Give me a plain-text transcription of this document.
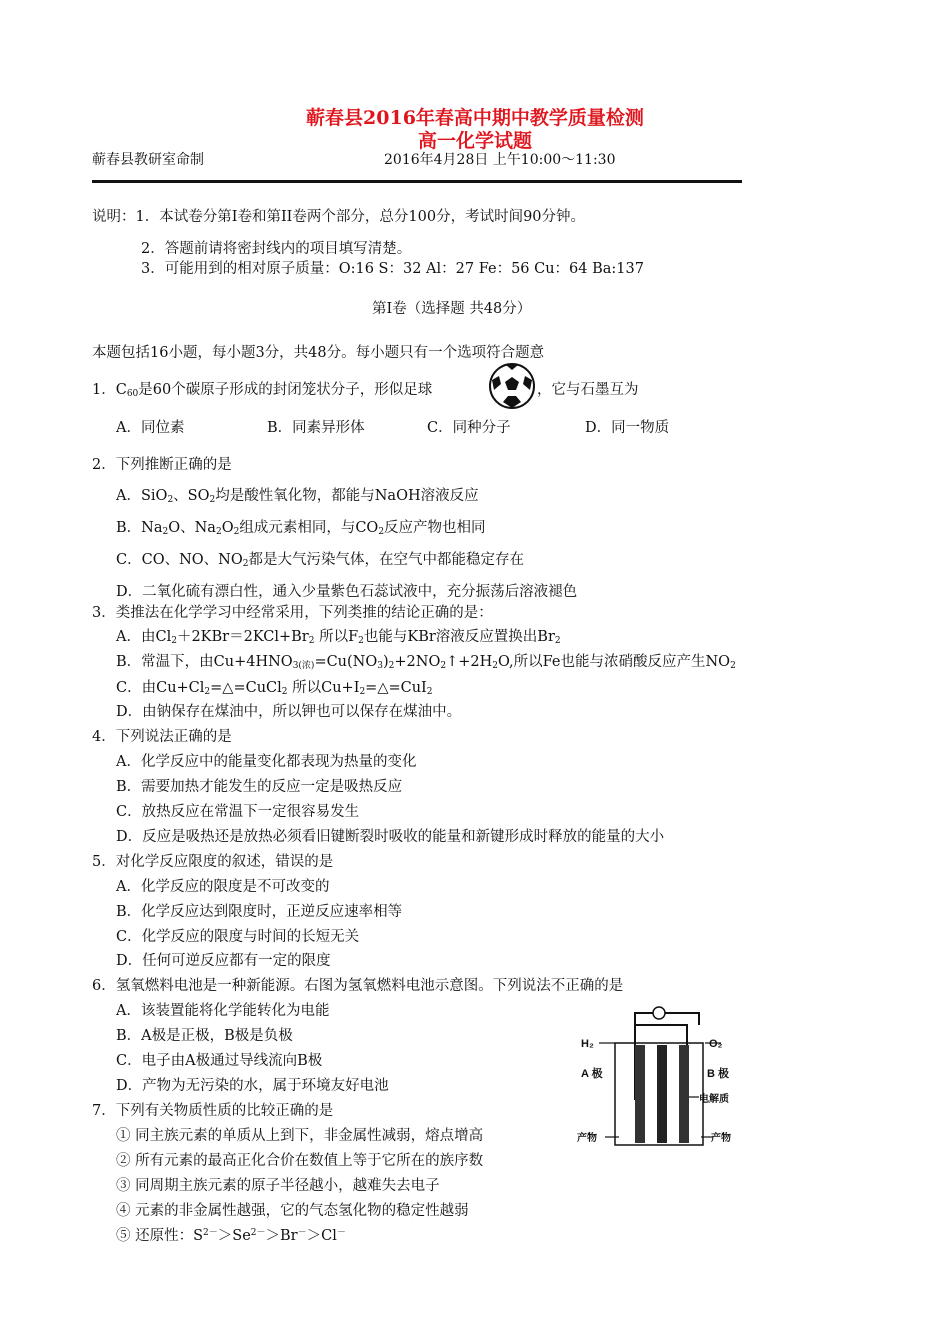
蕲春县2016年春高中期中教学质量检测
高一化学试题
蕲春县教研室命制	2016年4月28日 上午10:00～11:30
说明：1．本试卷分第Ⅰ卷和第II卷两个部分，总分100分，考试时间90分钟。
2．答题前请将密封线内的项目填写清楚。
3．可能用到的相对原子质量：O:16 S：32 Al：27 Fe：56 Cu：64 Ba:137
第Ⅰ卷（选择题 共48分）
本题包括16小题，每小题3分，共48分。每小题只有一个选项符合题意
1．$C_{60}$是60个碳原子形成的封闭笼状分子，形似足球	，它与石墨互为
A．同位素	B．同素异形体	C．同种分子	D．同一物质
2．下列推断正确的是
A．SiO$_2$、$SO_2$均是酸性氧化物，都能与NaOH溶液反应
B．$Na_2O$、$Na_2O_2$组成元素相同，与$CO_2$反应产物也相同
C．CO、NO、$NO_2$都是大气污染气体，在空气中都能稳定存在
D．二氧化硫有漂白性，通入少量紫色石蕊试液中，充分振荡后溶液褪色
3．类推法在化学学习中经常采用，下列类推的结论正确的是：
A．由$Cl_2+2KBr=2KCl+Br_2$ 所以$F_2$也能与KBr溶液反应置换出$Br_2$
B．常温下，由$Cu+4HNO_{3(浓)}=Cu(NO_3)_2+2NO_2↑+2H_2O$,所以Fe也能与浓硝酸反应产生$NO_2$
C．由$Cu+Cl_2=\triangle=CuCl_2$ 所以$Cu+I_2=\triangle=CuI_2$
D．由钠保存在煤油中，所以钾也可以保存在煤油中。
4．下列说法正确的是
A．化学反应中的能量变化都表现为热量的变化
B．需要加热才能发生的反应一定是吸热反应
C．放热反应在常温下一定很容易发生
D．反应是吸热还是放热必须看旧键断裂时吸收的能量和新键形成时释放的能量的大小
5．对化学反应限度的叙述，错误的是
A．化学反应的限度是不可改变的
B．化学反应达到限度时，正逆反应速率相等
C．化学反应的限度与时间的长短无关
D．任何可逆反应都有一定的限度
6．氢氧燃料电池是一种新能源。右图为氢氧燃料电池示意图。下列说法不正确的是
A．该装置能将化学能转化为电能
B．A极是正极，B极是负极
C．电子由A极通过导线流向B极
D．产物为无污染的水，属于环境友好电池
H₂	O₂
A 极	B 极
电解质
产物	产物
7．下列有关物质性质的比较正确的是
① 同主族元素的单质从上到下，非金属性减弱，熔点增高
② 所有元素的最高正化合价在数值上等于它所在的族序数
③ 同周期主族元素的原子半径越小，越难失去电子
④ 元素的非金属性越强，它的气态氢化物的稳定性越弱
⑤ 还原性：$S^{2-}>Se^{2-}>Br^->Cl^-$
